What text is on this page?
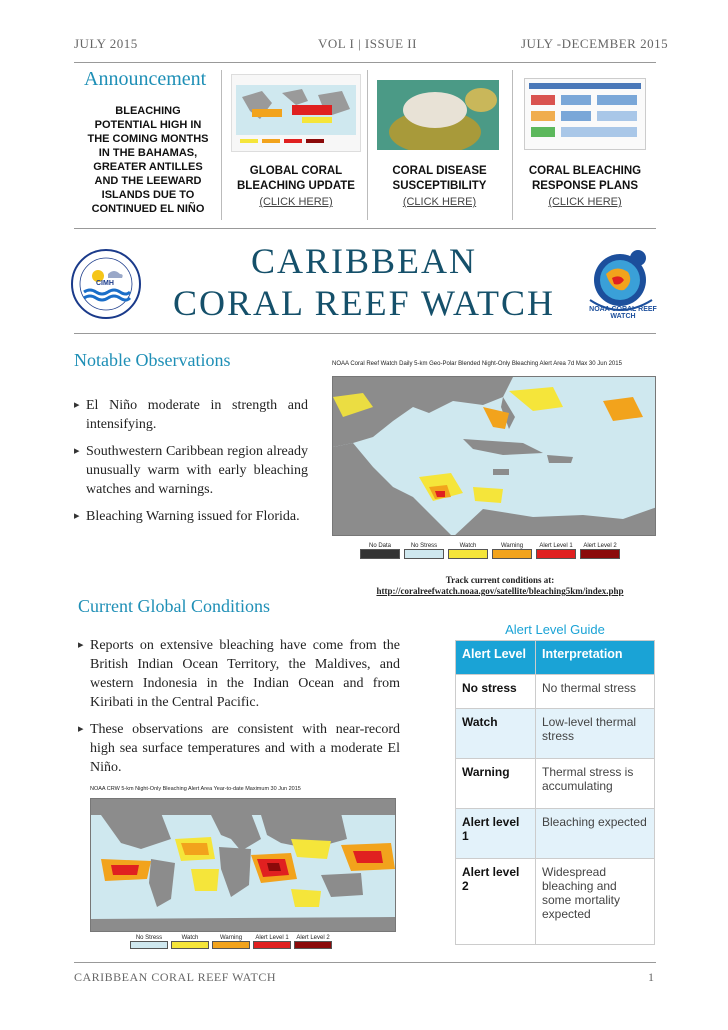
JULY 2015	VOL I | ISSUE II	JULY -DECEMBER 2015
Announcement
BLEACHING POTENTIAL HIGH IN THE COMING MONTHS IN THE BAHAMAS, GREATER ANTILLES AND THE LEEWARD ISLANDS DUE TO CONTINUED EL NIÑO
GLOBAL CORAL BLEACHING UPDATE
(CLICK HERE)
CORAL DISEASE SUSCEPTIBILITY
(CLICK HERE)
CORAL BLEACHING RESPONSE PLANS
(CLICK HERE)
CIMH
CARIBBEAN
CORAL REEF WATCH	NOAA CORAL REEF WATCH
Notable Observations
▸ El Niño moderate in strength and intensifying.
▸ Southwestern Caribbean region already unusually warm with early bleaching watches and warnings.
▸ Bleaching Warning issued for Florida.
NOAA Coral Reef Watch Daily 5-km Geo-Polar Blended Night-Only Bleaching Alert Area 7d Max 30 Jun 2015
No Data	No Stress	Watch	Warning	Alert Level 1	Alert Level 2
Track current conditions at: http://coralreefwatch.noaa.gov/satellite/bleaching5km/index.php
Current Global Conditions
▸ Reports on extensive bleaching have come from the British Indian Ocean Territory, the Maldives, and western Indonesia in the Indian Ocean and from Kiribati in the Central Pacific.
▸ These observations are consistent with near-record high sea surface temperatures and with a moderate El Niño.
NOAA CRW 5-km Night-Only Bleaching Alert Area Year-to-date Maximum 30 Jun 2015
No Stress	Watch	Warning	Alert Level 1	Alert Level 2
Alert Level Guide
Alert Level	Interpretation
No stress	No thermal stress
Watch	Low-level thermal stress
Warning	Thermal stress is accumulating
Alert level 1	Bleaching expected
Alert level 2	Widespread bleaching and some mortality expected
CARIBBEAN CORAL REEF WATCH	1
